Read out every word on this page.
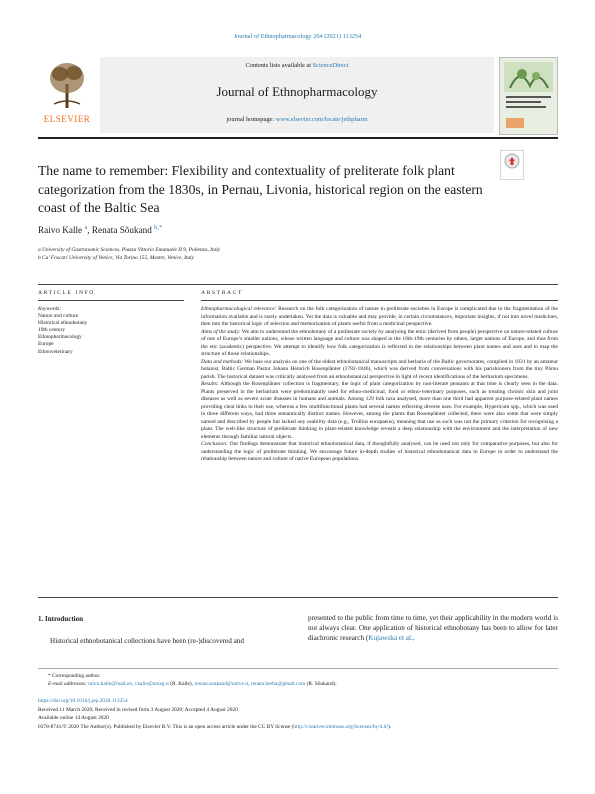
Journal of Ethnopharmacology 264 (2021) 113254
ELSEVIER
Contents lists available at ScienceDirect
Journal of Ethnopharmacology
journal homepage: www.elsevier.com/locate/jethpharm
The name to remember: Flexibility and contextuality of preliterate folk plant categorization from the 1830s, in Pernau, Livonia, historical region on the eastern coast of the Baltic Sea
Raivo Kalle $^a$, Renata Sõukand $^{b,*}$
a University of Gastronomic Sciences, Piazza Vittorio Emanuele II 9, Pollenzo, Italy
b Ca’ Foscari University of Venice, Via Torino 155, Mestre, Venice, Italy
ARTICLE INFO	ABSTRACT
Keywords:
Nature and culture
Historical ethnobotany
19th century
Ethnopharmacology
Europe
Ethnoveterinary

Ethnopharmacological relevance: Research on the folk categorization of nature in preliterate societies in Europe is complicated due to the fragmentation of the information available and is rarely undertaken. Yet the data is valuable and may provide, in certain circumstances, important insights, if not into novel medicines, then into the historical logic of selection and memorisation of plants useful from a medicinal perspective.

Aims of the study: We aim to understand the ethnobotany of a preliterate society by analysing the emic (derived from people) perspective on nature-related culture of one of Europe’s smaller nations, whose written language and culture was shaped in the 18th-19th centuries by others, larger nations of Europe, and thus from the etic (academic) perspective. We attempt to identify how folk categorization is reflected in the relationships between plant names and uses and to map the structure of those relationships.

Data and methods: We base our analysis on one of the oldest ethnobotanical manuscripts and herbaria of the Baltic governorates, compiled in 1831 by an amateur botanist, Baltic German Pastor Johann Heinrich Rosenplänter (1782-1846), which was derived from conversations with his parishioners from the tiny Pärnu parish. The historical dataset was critically analysed from an ethnobotanical perspective in light of recent identifications of the herbarium specimens.

Results: Although the Rosenplänter collection is fragmentary, the logic of plant categorization by non-literate peasants at that time is clearly seen in the data. Plants preserved in the herbarium were predominantly used for ethno-medicinal, food or ethno-veterinary purposes, such as treating chronic skin and joint diseases as well as severe acute diseases in humans and animals. Among 129 folk taxa analysed, more than one third had apparent purpose-related plant names providing clear links to their use, whereas a few multifunctional plants had several names reflecting diverse uses. For example, Hypericum spp., which was used in three different ways, had three semantically distinct names. However, among the plants that Rosenplänter collected, there were also some that were simply named and described by people but lacked any usability data (e.g., Trollius europaeus), meaning that use as such was not the primary criterion for recognising a plant. The web-like structure of preliterate thinking in plant-related knowledge reveals a deep relationship with the environment and the interpretation of new elements through familiar natural objects.

Conclusion: Our findings demonstrate that historical ethnobotanical data, if thoughtfully analysed, can be used not only for comparative purposes, but also for understanding the logic of preliterate thinking. We encourage future in-depth studies of historical ethnobotanical data in Europe in order to understand the relationship between nature and culture of native European populations.

1. Introduction
Historical ethnobotanical collections have been (re-)discovered and
presented to the public from time to time, yet their applicability in the modern world is not always clear. One application of historical ethnobotany has been to allow for later diachronic research (Kujawska et al.,
* Corresponding author.
E-mail addresses: raivo.kalle@mail.ee, r.kalle@unisg.it (R. Kalle), renata.soukand@unive.it, renata.herba@gmail.com (R. Sõukand).
https://doi.org/10.1016/j.jep.2020.113254
Received 11 March 2020; Received in revised form 3 August 2020; Accepted 4 August 2020
Available online 14 August 2020
0378-8741/© 2020 The Author(s). Published by Elsevier B.V. This is an open access article under the CC BY license (http://creativecommons.org/licenses/by/4.0/).
